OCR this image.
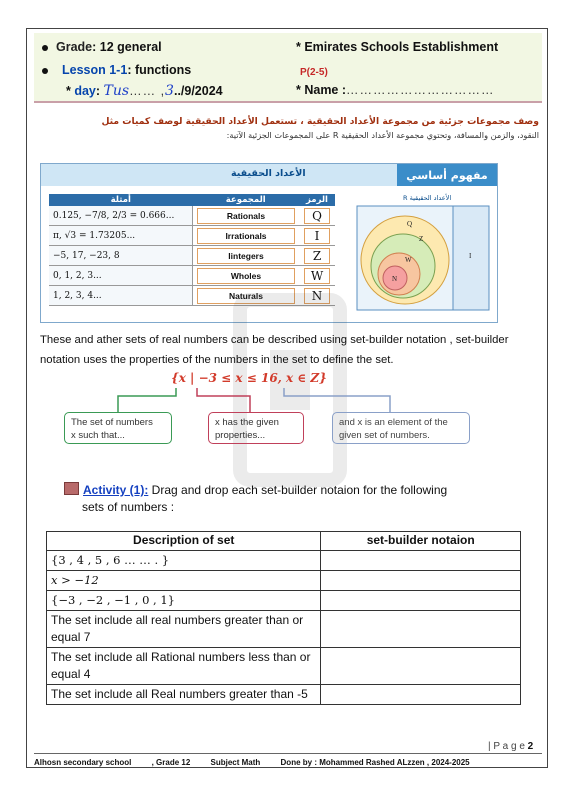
Grade: 12 general	* Emirates Schools Establishment
Lesson 1-1: functions	P(2-5)
* day: Tus…… ,3../9/2024	* Name :……………………………
وصف مجموعات جزئية من مجموعة الأعداد الحقيقية ، تستعمل الأعداد الحقيقية لوصف كميات مثل
النقود، والزمن والمسافة، وتحتوي مجموعة الأعداد الحقيقية R على المجموعات الجزئية الآتية:
مفهوم أساسي
الأعداد الحقيقية
أمثلة	المجموعة	الرمز
0.125, −7/8, 2/3 = 0.666...	Rationals	Q
π, √3 = 1.73205...	Irrationals	I
−5, 17, −23, 8	Iintegers	Z
0, 1, 2, 3...	Wholes	W
1, 2, 3, 4...	Naturals	N
الأعداد الحقيقية R
Q
Z
W
N
I
These and ather sets of real numbers can be described using set-builder notation , set-builder notation uses the properties of the numbers in the set to define the set.
{x | −3 ≤ x ≤ 16, x ∈ Z}
The set of numbers
x such that...
x has the given
properties...
and x is an element of the
given set of numbers.
Activity (1): Drag and drop each set-builder notaion for the following
sets of numbers :
Description of set	set-builder notaion
{3 , 4 , 5 , 6 … … . }	
x > −12	
{−3 , −2 , −1 , 0 , 1}	
The set include all real numbers greater than or equal 7	
The set include all Rational numbers less than or equal 4	
The set include all Real numbers greater than -5	
| P a g e 2
Alhosn secondary school	, Grade 12	Subject Math	Done by : Mohammed Rashed ALzzen , 2024-2025
